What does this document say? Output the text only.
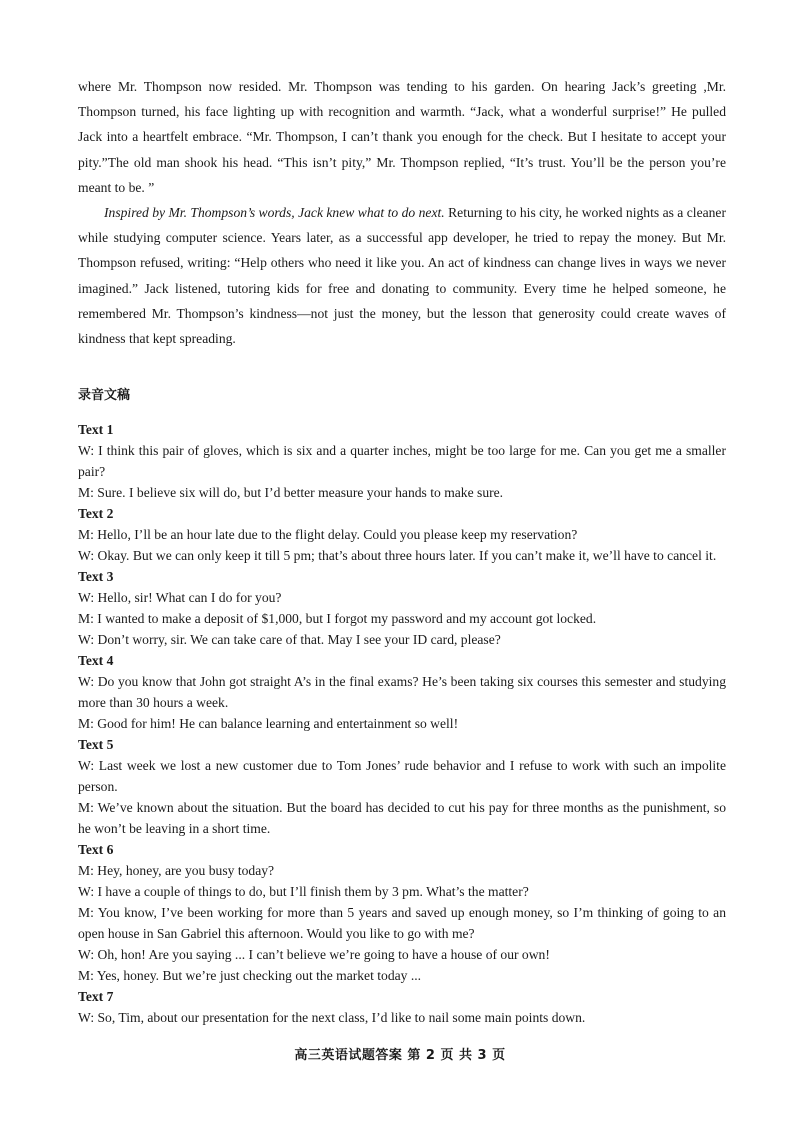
where Mr. Thompson now resided. Mr. Thompson was tending to his garden. On hearing Jack’s greeting ,Mr. Thompson turned, his face lighting up with recognition and warmth. “Jack, what a wonderful surprise!” He pulled Jack into a heartfelt embrace. “Mr. Thompson, I can’t thank you enough for the check. But I hesitate to accept your pity.”The old man shook his head. “This isn’t pity,” Mr. Thompson replied, “It’s trust. You’ll be the person you’re meant to be. ”

Inspired by Mr. Thompson’s words, Jack knew what to do next. Returning to his city, he worked nights as a cleaner while studying computer science. Years later, as a successful app developer, he tried to repay the money. But Mr. Thompson refused, writing: “Help others who need it like you. An act of kindness can change lives in ways we never imagined.” Jack listened, tutoring kids for free and donating to community. Every time he helped someone, he remembered Mr. Thompson’s kindness—not just the money, but the lesson that generosity could create waves of kindness that kept spreading.

录音文稿
Text 1
W: I think this pair of gloves, which is six and a quarter inches, might be too large for me. Can you get me a smaller pair?
M: Sure. I believe six will do, but I’d better measure your hands to make sure.
Text 2
M: Hello, I’ll be an hour late due to the flight delay. Could you please keep my reservation?
W: Okay. But we can only keep it till 5 pm; that’s about three hours later. If you can’t make it, we’ll have to cancel it.
Text 3
W: Hello, sir! What can I do for you?
M: I wanted to make a deposit of $1,000, but I forgot my password and my account got locked.
W: Don’t worry, sir. We can take care of that. May I see your ID card, please?
Text 4
W: Do you know that John got straight A’s in the final exams? He’s been taking six courses this semester and studying more than 30 hours a week.
M: Good for him! He can balance learning and entertainment so well!
Text 5
W: Last week we lost a new customer due to Tom Jones’ rude behavior and I refuse to work with such an impolite person.
M: We’ve known about the situation. But the board has decided to cut his pay for three months as the punishment, so he won’t be leaving in a short time.
Text 6
M: Hey, honey, are you busy today?
W: I have a couple of things to do, but I’ll finish them by 3 pm. What’s the matter?
M: You know, I’ve been working for more than 5 years and saved up enough money, so I’m thinking of going to an open house in San Gabriel this afternoon. Would you like to go with me?
W: Oh, hon! Are you saying ... I can’t believe we’re going to have a house of our own!
M: Yes, honey. But we’re just checking out the market today ...
Text 7
W: So, Tim, about our presentation for the next class, I’d like to nail some main points down.
高三英语试题答案 第 2 页 共 3 页
